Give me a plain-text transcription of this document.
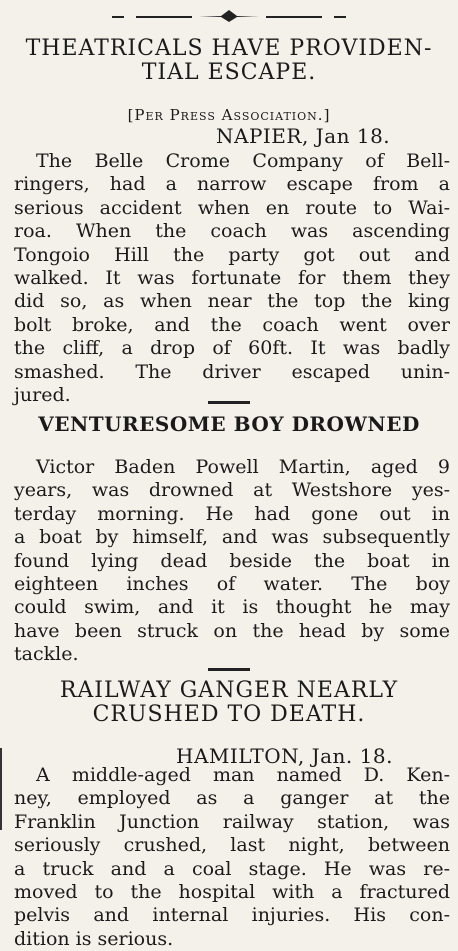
THEATRICALS HAVE PROVIDEN-
TIAL ESCAPE.
[Per Press Association.]
NAPIER, Jan 18.
The Belle Crome Company of Bell-
ringers, had a narrow escape from a
serious accident when en route to Wai-
roa. When the coach was ascending
Tongoio Hill the party got out and
walked. It was fortunate for them they
did so, as when near the top the king
bolt broke, and the coach went over
the cliff, a drop of 60ft. It was badly
smashed. The driver escaped unin-
jured.
VENTURESOME BOY DROWNED
Victor Baden Powell Martin, aged 9
years, was drowned at Westshore yes-
terday morning. He had gone out in
a boat by himself, and was subsequently
found lying dead beside the boat in
eighteen inches of water. The boy
could swim, and it is thought he may
have been struck on the head by some
tackle.
RAILWAY GANGER NEARLY
CRUSHED TO DEATH.
HAMILTON, Jan. 18.
A middle-aged man named D. Ken-
ney, employed as a ganger at the
Franklin Junction railway station, was
seriously crushed, last night, between
a truck and a coal stage. He was re-
moved to the hospital with a fractured
pelvis and internal injuries. His con-
dition is serious.
